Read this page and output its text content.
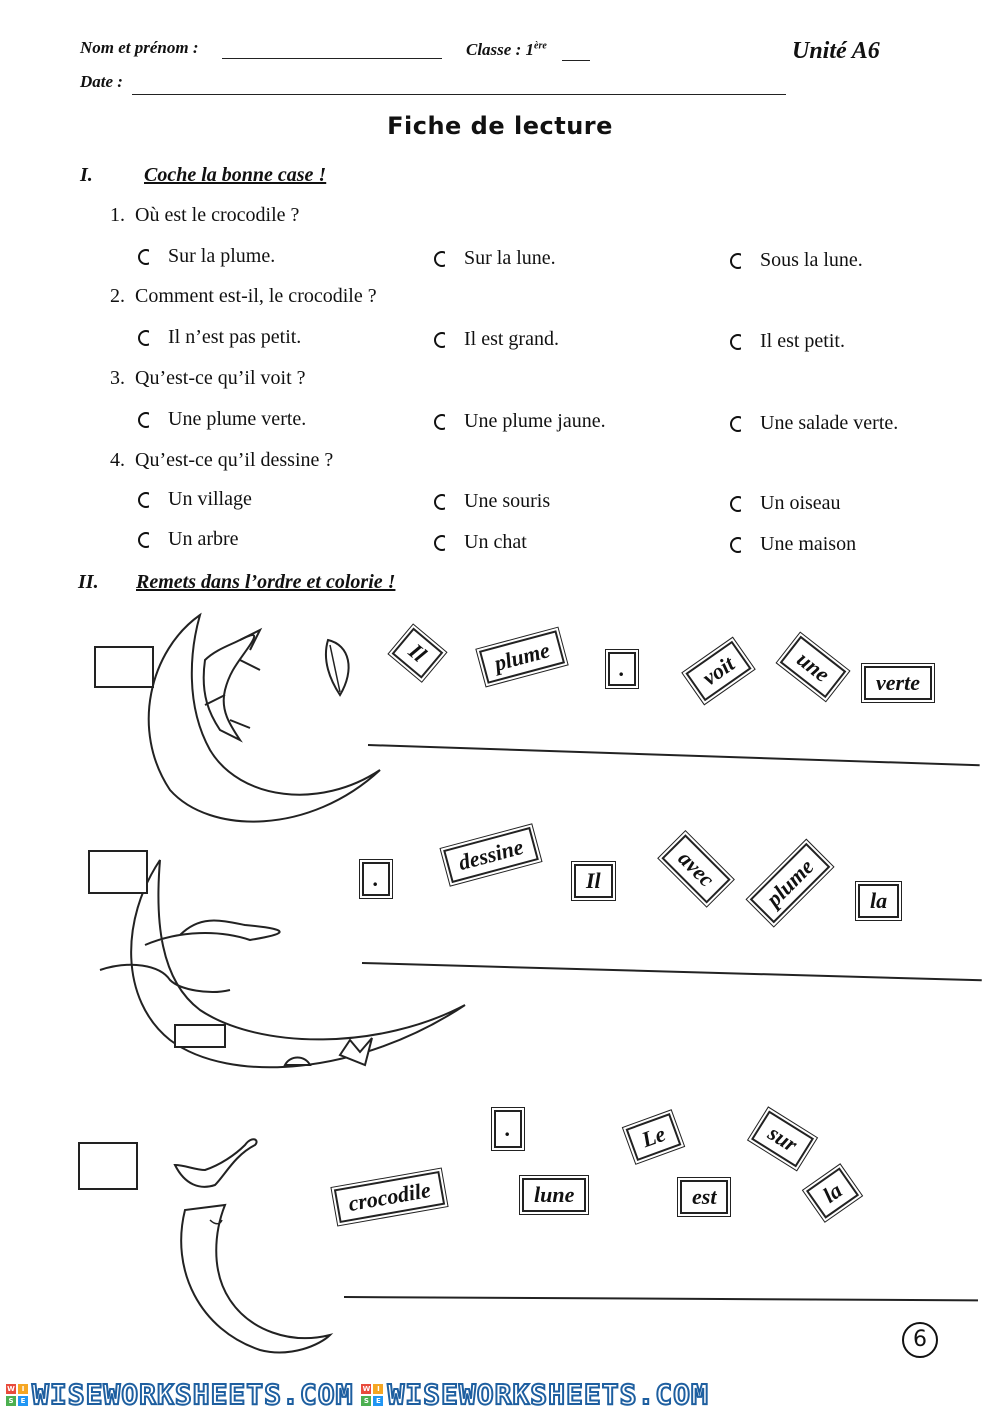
Nom et prénom :	Classe : 1ère	Unité A6
Date :
Fiche de lecture
I.	Coche la bonne case !
1. Où est le crocodile ?
Sur la plume.	Sur la lune.	Sous la lune.
2. Comment est-il, le crocodile ?
Il n’est pas petit.	Il est grand.	Il est petit.
3. Qu’est-ce qu’il voit ?
Une plume verte.	Une plume jaune.	Une salade verte.
4. Qu’est-ce qu’il dessine ?
Un village	Une souris	Un oiseau
Un arbre	Un chat	Une maison
II. Remets dans l’ordre et colorie !
Il	plume	.	voit	une	verte
.
dessine
Il	avec	plume	la
.	Le	sur
crocodile	lune	est	la
6
W I
S	E WISEWORKSHEETS.COM W I
S	E WISEWORKSHEETS.COM
